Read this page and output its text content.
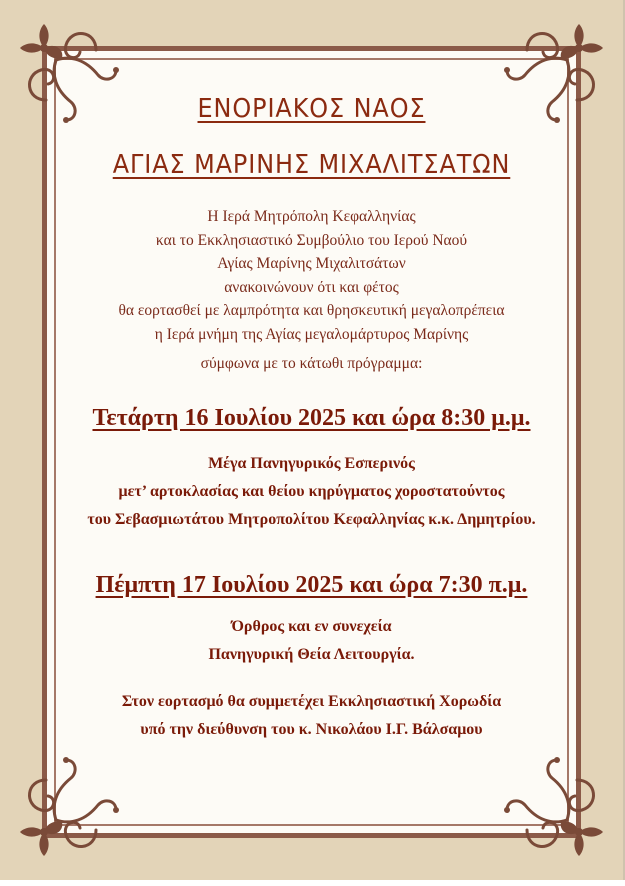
ΕΝΟΡΙΑΚΟΣ ΝΑΟΣ
ΑΓΙΑΣ ΜΑΡΙΝΗΣ ΜΙΧΑΛΙΤΣΑΤΩΝ
Η Ιερά Μητρόπολη Κεφαλληνίας
και το Εκκλησιαστικό Συμβούλιο του Ιερού Ναού
Αγίας Μαρίνης Μιχαλιτσάτων
ανακοινώνουν ότι και φέτος
θα εορτασθεί με λαμπρότητα και θρησκευτική μεγαλοπρέπεια
η Ιερά μνήμη της Αγίας μεγαλομάρτυρος Μαρίνης
σύμφωνα με το κάτωθι πρόγραμμα:
Τετάρτη 16 Ιουλίου 2025 και ώρα 8:30 μ.μ.
Μέγα Πανηγυρικός Εσπερινός
μετ’ αρτοκλασίας και θείου κηρύγματος χοροστατούντος
του Σεβασμιωτάτου Μητροπολίτου Κεφαλληνίας κ.κ. Δημητρίου.
Πέμπτη 17 Ιουλίου 2025 και ώρα 7:30 π.μ.
Όρθρος και εν συνεχεία
Πανηγυρική Θεία Λειτουργία.
Στον εορτασμό θα συμμετέχει Εκκλησιαστική Χορωδία
υπό την διεύθυνση του κ. Νικολάου Ι.Γ. Βάλσαμου
